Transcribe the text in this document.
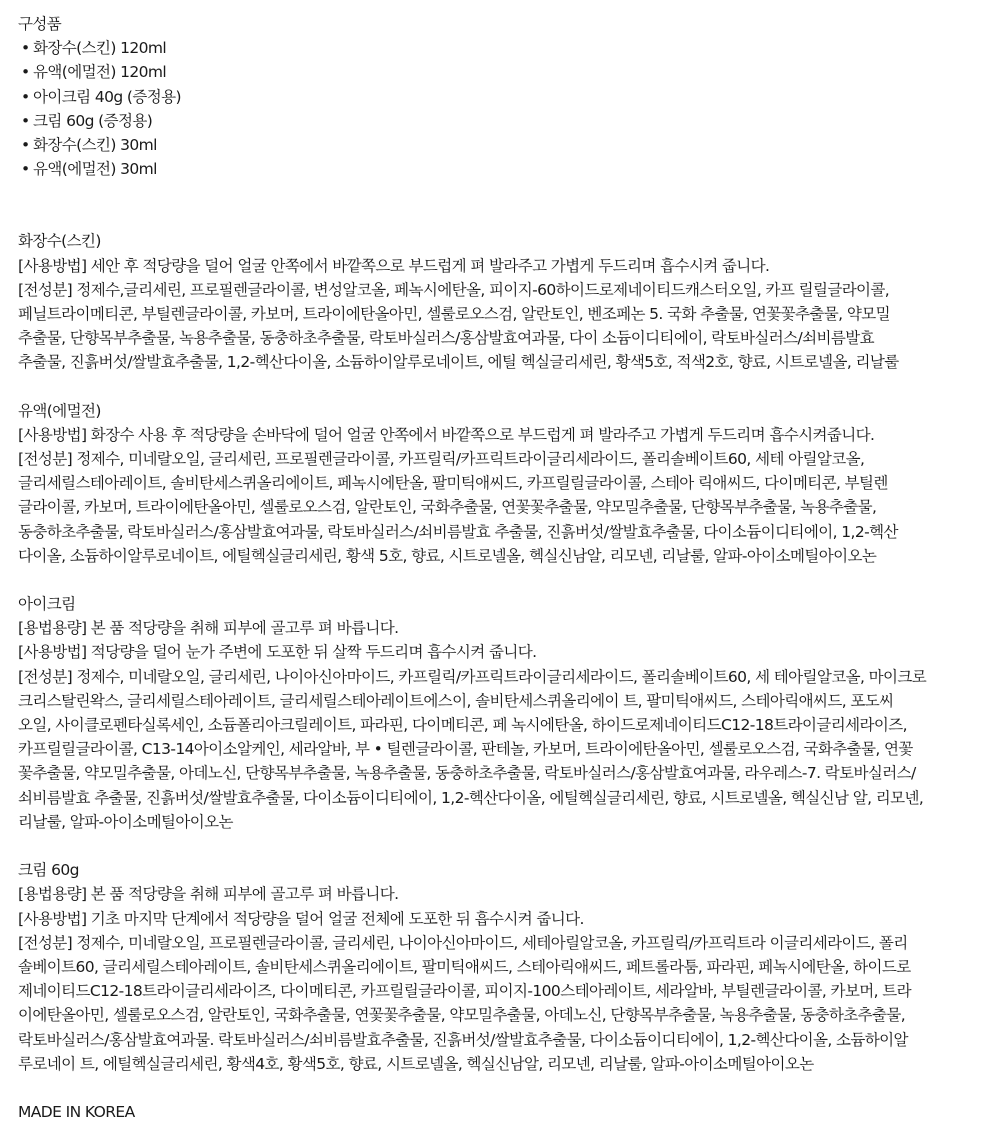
구성품
• 화장수(스킨) 120ml
• 유액(에멀전) 120ml
• 아이크림 40g (증정용)
• 크림 60g (증정용)
• 화장수(스킨) 30ml
• 유액(에멀전) 30ml
화장수(스킨)
[사용방법] 세안 후 적당량을 덜어 얼굴 안쪽에서 바깥쪽으로 부드럽게 펴 발라주고 가볍게 두드리며 흡수시켜 줍니다.
[전성분] 정제수,글리세린, 프로필렌글라이콜, 변성알코올, 페녹시에탄올, 피이지-60하이드로제네이티드캐스터오일, 카프 릴릴글라이콜,
페닐트라이메티콘, 부틸렌글라이콜, 카보머, 트라이에탄올아민, 셀룰로오스검, 알란토인, 벤조페논 5. 국화 추출물, 연꽃꽃추출물, 약모밀
추출물, 단향목부추출물, 녹용추출물, 동충하초추출물, 락토바실러스/홍삼발효여과물, 다이 소듐이디티에이, 락토바실러스/쇠비름발효
추출물, 진흙버섯/쌀발효추출물, 1,2-헥산다이올, 소듐하이알루로네이트, 에틸 헥실글리세린, 황색5호, 적색2호, 향료, 시트로넬올, 리날룰
유액(에멀전)
[사용방법] 화장수 사용 후 적당량을 손바닥에 덜어 얼굴 안쪽에서 바깥쪽으로 부드럽게 펴 발라주고 가볍게 두드리며 흡수시켜줍니다.
[전성분] 정제수, 미네랄오일, 글리세린, 프로필렌글라이콜, 카프릴릭/카프릭트라이글리세라이드, 폴리솔베이트60, 세테 아릴알코올,
글리세릴스테아레이트, 솔비탄세스퀴올리에이트, 페녹시에탄올, 팔미틱애씨드, 카프릴릴글라이콜, 스테아 릭애씨드, 다이메티콘, 부틸렌
글라이콜, 카보머, 트라이에탄올아민, 셀룰로오스검, 알란토인, 국화추출물, 연꽃꽃추출물, 약모밀추출물, 단향목부추출물, 녹용추출물,
동충하초추출물, 락토바실러스/홍삼발효여과물, 락토바실러스/쇠비름발효 추출물, 진흙버섯/쌀발효추출물, 다이소듐이디티에이, 1,2-헥산
다이올, 소듐하이알루로네이트, 에틸헥실글리세린, 황색 5호, 향료, 시트로넬올, 헥실신남알, 리모넨, 리날룰, 알파-아이소메틸아이오논
아이크림
[용법용량] 본 품 적당량을 취해 피부에 골고루 펴 바릅니다.
[사용방법] 적당량을 덜어 눈가 주변에 도포한 뒤 살짝 두드리며 흡수시켜 줍니다.
[전성분] 정제수, 미네랄오일, 글리세린, 나이아신아마이드, 카프릴릭/카프릭트라이글리세라이드, 폴리솔베이트60, 세 테아릴알코올, 마이크로
크리스탈린왁스, 글리세릴스테아레이트, 글리세릴스테아레이트에스이, 솔비탄세스퀴올리에이 트, 팔미틱애씨드, 스테아릭애씨드, 포도씨
오일, 사이클로펜타실록세인, 소듐폴리아크릴레이트, 파라핀, 다이메티콘, 페 녹시에탄올, 하이드로제네이티드C12-18트라이글리세라이즈,
카프릴릴글라이콜, C13-14아이소알케인, 세라알바, 부 • 틸렌글라이콜, 판테놀, 카보머, 트라이에탄올아민, 셀룰로오스검, 국화추출물, 연꽃
꽃추출물, 약모밀추출물, 아데노신, 단향목부추출물, 녹용추출물, 동충하초추출물, 락토바실러스/홍삼발효여과물, 라우레스-7. 락토바실러스/
쇠비름발효 추출물, 진흙버섯/쌀발효추출물, 다이소듐이디티에이, 1,2-헥산다이올, 에틸헥실글리세린, 향료, 시트로넬올, 헥실신남 알, 리모넨,
리날룰, 알파-아이소메틸아이오논
크림 60g
[용법용량] 본 품 적당량을 취해 피부에 골고루 펴 바릅니다.
[사용방법] 기초 마지막 단계에서 적당량을 덜어 얼굴 전체에 도포한 뒤 흡수시켜 줍니다.
[전성분] 정제수, 미네랄오일, 프로필렌글라이콜, 글리세린, 나이아신아마이드, 세테아릴알코올, 카프릴릭/카프릭트라 이글리세라이드, 폴리
솔베이트60, 글리세릴스테아레이트, 솔비탄세스퀴올리에이트, 팔미틱애씨드, 스테아릭애씨드, 페트롤라툼, 파라핀, 페녹시에탄올, 하이드로
제네이티드C12-18트라이글리세라이즈, 다이메티콘, 카프릴릴글라이콜, 피이지-100스테아레이트, 세라알바, 부틸렌글라이콜, 카보머, 트라
이에탄올아민, 셀룰로오스검, 알란토인, 국화추출물, 연꽃꽃추출물, 약모밀추출물, 아데노신, 단향목부추출물, 녹용추출물, 동충하초추출물,
락토바실러스/홍삼발효여과물. 락토바실러스/쇠비름발효추출물, 진흙버섯/쌀발효추출물, 다이소듐이디티에이, 1,2-헥산다이올, 소듐하이알
루로네이 트, 에틸헥실글리세린, 황색4호, 황색5호, 향료, 시트로넬올, 헥실신남알, 리모넨, 리날룰, 알파-아이소메틸아이오논
MADE IN KOREA
